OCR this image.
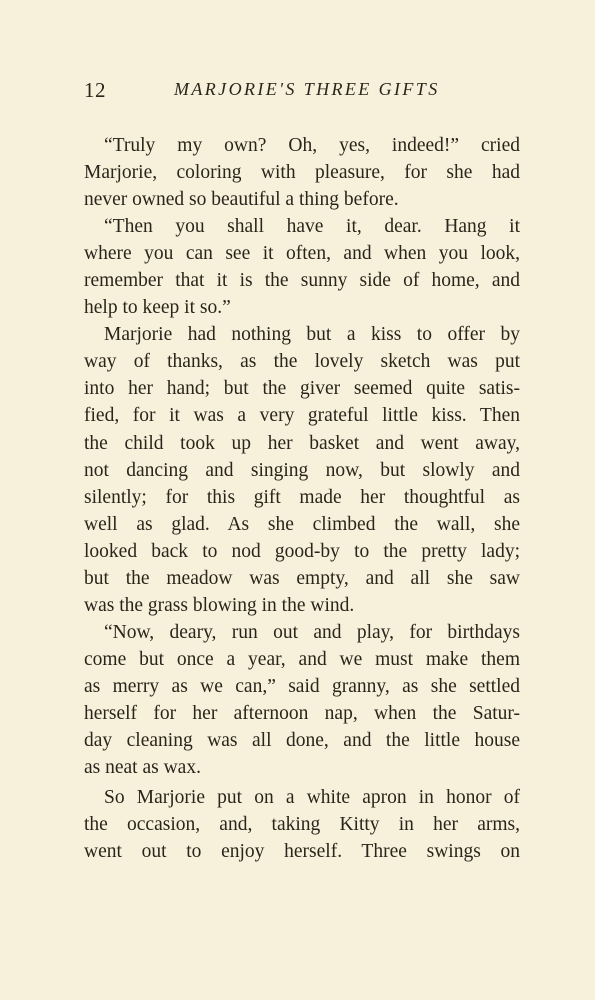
12	MARJORIE'S THREE GIFTS
“Truly my own? Oh, yes, indeed!” cried
Marjorie, coloring with pleasure, for she had
never owned so beautiful a thing before.
“Then you shall have it, dear. Hang it
where you can see it often, and when you look,
remember that it is the sunny side of home, and
help to keep it so.”
Marjorie had nothing but a kiss to offer by
way of thanks, as the lovely sketch was put
into her hand; but the giver seemed quite satis-
fied, for it was a very grateful little kiss. Then
the child took up her basket and went away,
not dancing and singing now, but slowly and
silently; for this gift made her thoughtful as
well as glad. As she climbed the wall, she
looked back to nod good-by to the pretty lady;
but the meadow was empty, and all she saw
was the grass blowing in the wind.
“Now, deary, run out and play, for birthdays
come but once a year, and we must make them
as merry as we can,” said granny, as she settled
herself for her afternoon nap, when the Satur-
day cleaning was all done, and the little house
as neat as wax.
So Marjorie put on a white apron in honor of
the occasion, and, taking Kitty in her arms,
went out to enjoy herself. Three swings on
